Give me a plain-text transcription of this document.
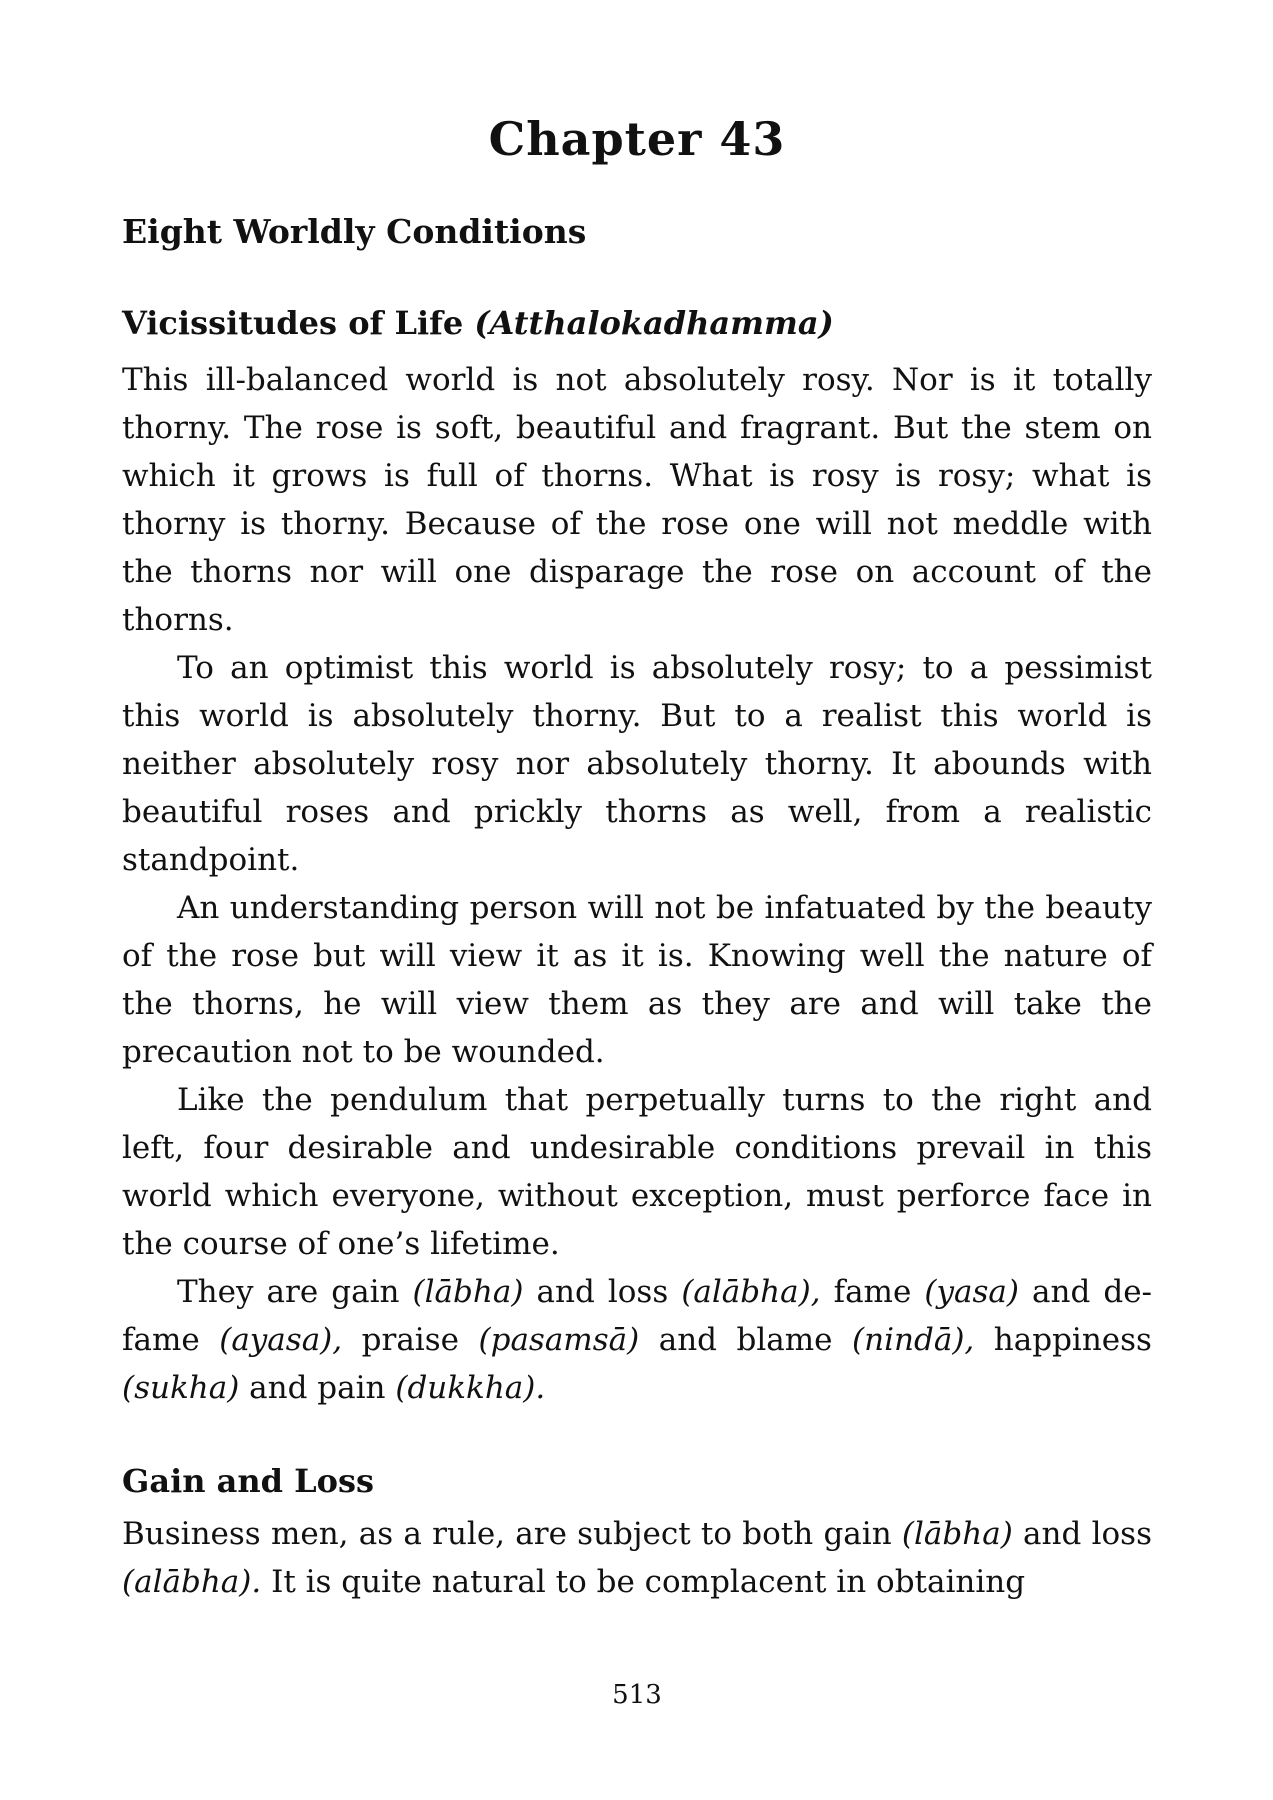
Chapter 43
Eight Worldly Conditions
Vicissitudes of Life (Atthalokadhamma)

This ill-balanced world is not absolutely rosy. Nor is it totally thorny. The rose is soft, beautiful and fragrant. But the stem on which it grows is full of thorns. What is rosy is rosy; what is thorny is thorny. Because of the rose one will not meddle with the thorns nor will one disparage the rose on account of the thorns.

To an optimist this world is absolutely rosy; to a pessimist this world is absolutely thorny. But to a realist this world is neither absolutely rosy nor absolutely thorny. It abounds with beautiful roses and prickly thorns as well, from a realistic standpoint.

An understanding person will not be infatuated by the beauty of the rose but will view it as it is. Knowing well the nature of the thorns, he will view them as they are and will take the precaution not to be wounded.

Like the pendulum that perpetually turns to the right and left, four desirable and undesirable conditions prevail in this world which everyone, without exception, must perforce face in the course of one’s lifetime.

They are gain (lābha) and loss (alābha), fame (yasa) and de-fame (ayasa), praise (pasamsā) and blame (nindā), happiness (sukha) and pain (dukkha).

Gain and Loss

Business men, as a rule, are subject to both gain (lābha) and loss (alābha). It is quite natural to be complacent in obtaining

513
